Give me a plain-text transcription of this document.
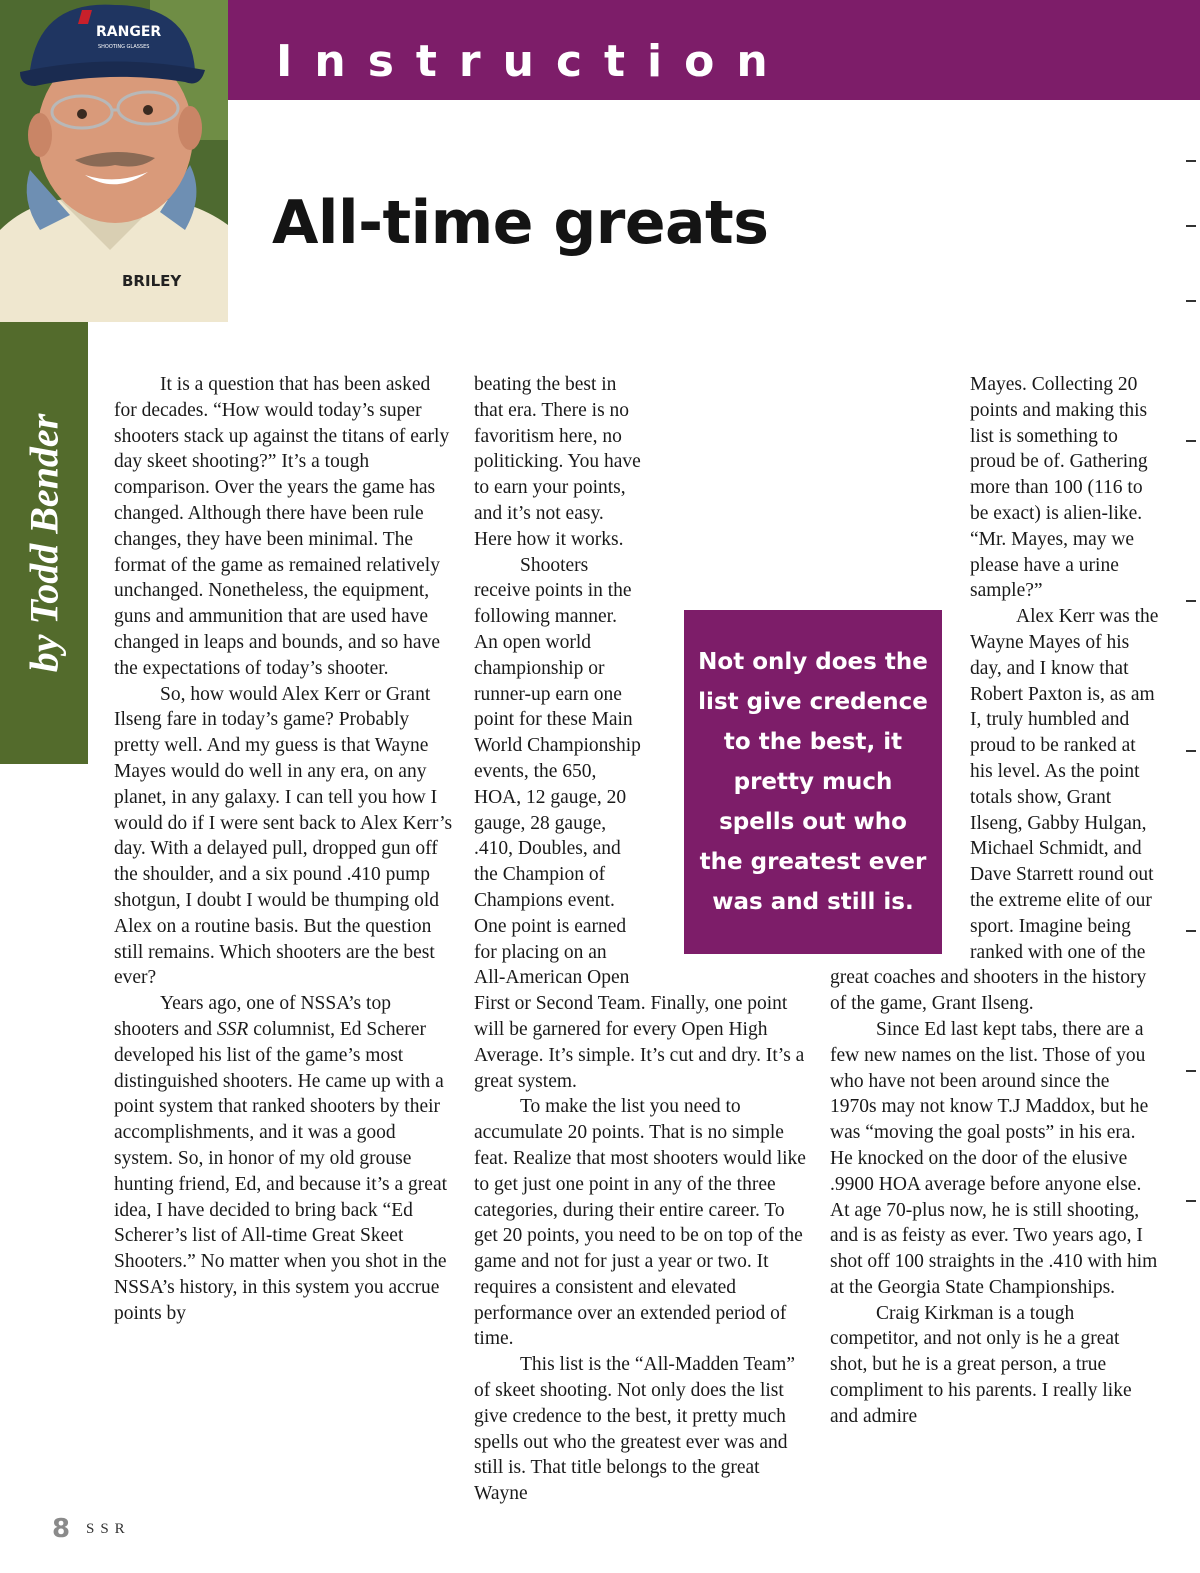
RANGER
SHOOTING GLASSES
BRILEY
Instruction
All-time greats
by Todd Bender

It is a question that has been asked for decades. “How would today’s super shooters stack up against the titans of early day skeet shooting?” It’s a tough comparison. Over the years the game has changed. Although there have been rule changes, they have been minimal. The format of the game as remained relatively unchanged. Nonetheless, the equipment, guns and ammunition that are used have changed in leaps and bounds, and so have the expectations of today’s shooter.

So, how would Alex Kerr or Grant Ilseng fare in today’s game? Probably pretty well. And my guess is that Wayne Mayes would do well in any era, on any planet, in any galaxy. I can tell you how I would do if I were sent back to Alex Kerr’s day. With a delayed pull, dropped gun off the shoulder, and a six pound .410 pump shotgun, I doubt I would be thumping old Alex on a routine basis. But the question still remains. Which shooters are the best ever?

Years ago, one of NSSA’s top shooters and SSR columnist, Ed Scherer developed his list of the game’s most distinguished shooters. He came up with a point system that ranked shooters by their accomplishments, and it was a good system. So, in honor of my old grouse hunting friend, Ed, and because it’s a great idea, I have decided to bring back “Ed Scherer’s list of All-time Great Skeet Shooters.” No matter when you shot in the NSSA’s history, in this system you accrue points by

beating the best in that era. There is no favoritism here, no politicking. You have to earn your points, and it’s not easy. Here how it works.

Shooters receive points in the following manner. An open world championship or runner-up earn one point for these Main World Championship events, the 650, HOA, 12 gauge, 20 gauge, 28 gauge, .410, Doubles, and the Champion of Champions event. One point is earned for placing on an All-American Open First or Second Team. Finally, one point will be garnered for every Open High Average. It’s simple. It’s cut and dry. It’s a great system.

To make the list you need to accumulate 20 points. That is no simple feat. Realize that most shooters would like to get just one point in any of the three categories, during their entire career. To get 20 points, you need to be on top of the game and not for just a year or two. It requires a consistent and elevated performance over an extended period of time.

This list is the “All-Madden Team” of skeet shooting. Not only does the list give credence to the best, it pretty much spells out who the greatest ever was and still is. That title belongs to the great Wayne

Mayes. Collecting 20 points and making this list is something to proud be of. Gathering more than 100 (116 to be exact) is alien-like. “Mr. Mayes, may we please have a urine sample?”

Alex Kerr was the Wayne Mayes of his day, and I know that Robert Paxton is, as am I, truly humbled and proud to be ranked at his level. As the point totals show, Grant Ilseng, Gabby Hulgan, Michael Schmidt, and Dave Starrett round out the extreme elite of our sport. Imagine being ranked with one of the great coaches and shooters in the history of the game, Grant Ilseng.

Since Ed last kept tabs, there are a few new names on the list. Those of you who have not been around since the 1970s may not know T.J Maddox, but he was “moving the goal posts” in his era. He knocked on the door of the elusive .9900 HOA average before anyone else. At age 70-plus now, he is still shooting, and is as feisty as ever. Two years ago, I shot off 100 straights in the .410 with him at the Georgia State Championships.

Craig Kirkman is a tough competitor, and not only is he a great shot, but he is a great person, a true compliment to his parents. I really like and admire

Not only does the list give credence to the best, it pretty much spells out who the greatest ever was and still is.
8 SSR
